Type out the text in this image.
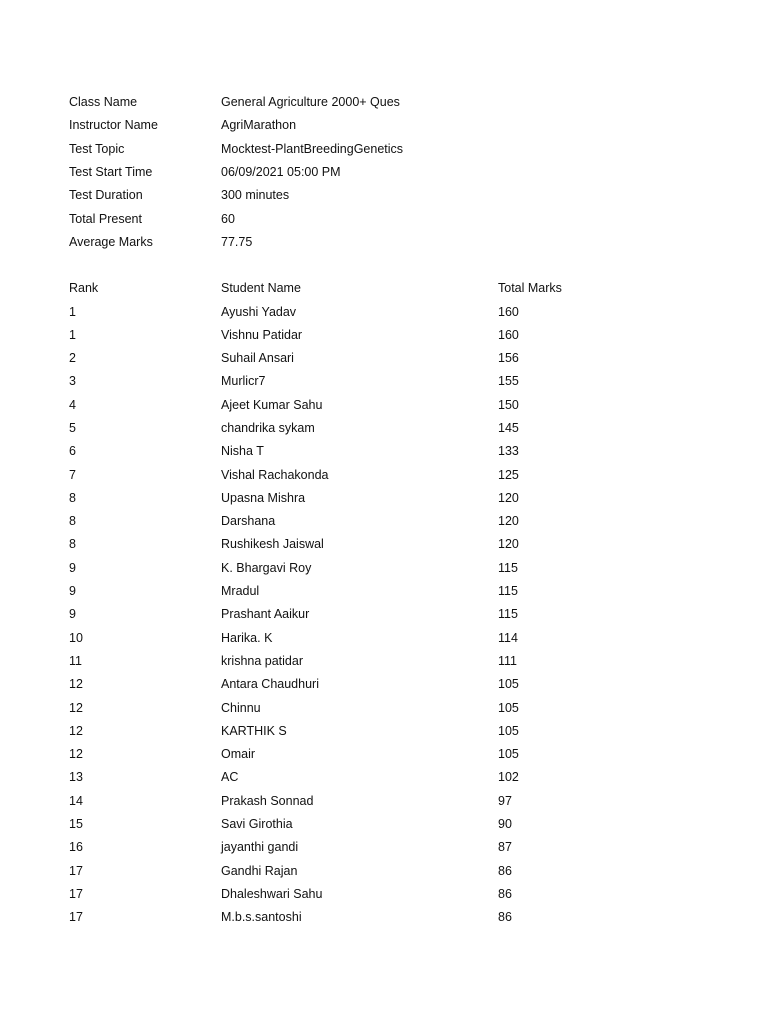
Class Name	General Agriculture 2000+ Ques
Instructor Name	AgriMarathon
Test Topic	Mocktest-PlantBreedingGenetics
Test Start Time	06/09/2021 05:00 PM
Test Duration	300 minutes
Total Present	60
Average Marks	77.75
Rank	Student Name	Total Marks
1	Ayushi Yadav	160
1	Vishnu Patidar	160
2	Suhail Ansari	156
3	Murlicr7	155
4	Ajeet Kumar Sahu	150
5	chandrika sykam	145
6	Nisha T	133
7	Vishal Rachakonda	125
8	Upasna Mishra	120
8	Darshana	120
8	Rushikesh Jaiswal	120
9	K. Bhargavi Roy	115
9	Mradul	115
9	Prashant Aaikur	115
10	Harika. K	114
11	krishna patidar	111
12	Antara Chaudhuri	105
12	Chinnu	105
12	KARTHIK S	105
12	Omair	105
13	AC	102
14	Prakash Sonnad	97
15	Savi Girothia	90
16	jayanthi gandi	87
17	Gandhi Rajan	86
17	Dhaleshwari Sahu	86
17	M.b.s.santoshi	86
